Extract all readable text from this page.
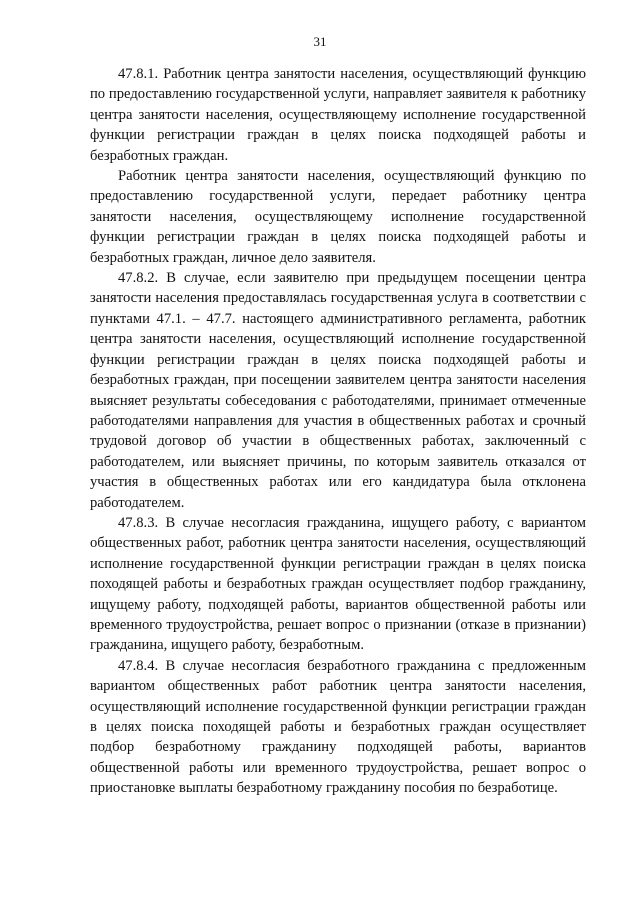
31

47.8.1. Работник центра занятости населения, осуществляющий функцию по предоставлению государственной услуги, направляет заявителя к работнику центра занятости населения, осуществляющему исполнение государственной функции регистрации граждан в целях поиска подходящей работы и безработных граждан.

Работник центра занятости населения, осуществляющий функцию по предоставлению государственной услуги, передает работнику центра занятости населения, осуществляющему исполнение государственной функции регистрации граждан в целях поиска подходящей работы и безработных граждан, личное дело заявителя.

47.8.2. В случае, если заявителю при предыдущем посещении центра занятости населения предоставлялась государственная услуга в соответствии с пунктами 47.1. – 47.7. настоящего административного регламента, работник центра занятости населения, осуществляющий исполнение государственной функции регистрации граждан в целях поиска подходящей работы и безработных граждан, при посещении заявителем центра занятости населения выясняет результаты собеседования с работодателями, принимает отмеченные работодателями направления для участия в общественных работах и срочный трудовой договор об участии в общественных работах, заключенный с работодателем, или выясняет причины, по которым заявитель отказался от участия в общественных работах или его кандидатура была отклонена работодателем.

47.8.3. В случае несогласия гражданина, ищущего работу, с вариантом общественных работ, работник центра занятости населения, осуществляющий исполнение государственной функции регистрации граждан в целях поиска походящей работы и безработных граждан осуществляет подбор гражданину, ищущему работу, подходящей работы, вариантов общественной работы или временного трудоустройства, решает вопрос о признании (отказе в признании) гражданина, ищущего работу, безработным.

47.8.4. В случае несогласия безработного гражданина с предложенным вариантом общественных работ работник центра занятости населения, осуществляющий исполнение государственной функции регистрации граждан в целях поиска походящей работы и безработных граждан осуществляет подбор безработному гражданину подходящей работы, вариантов общественной работы или временного трудоустройства, решает вопрос о приостановке выплаты безработному гражданину пособия по безработице.
